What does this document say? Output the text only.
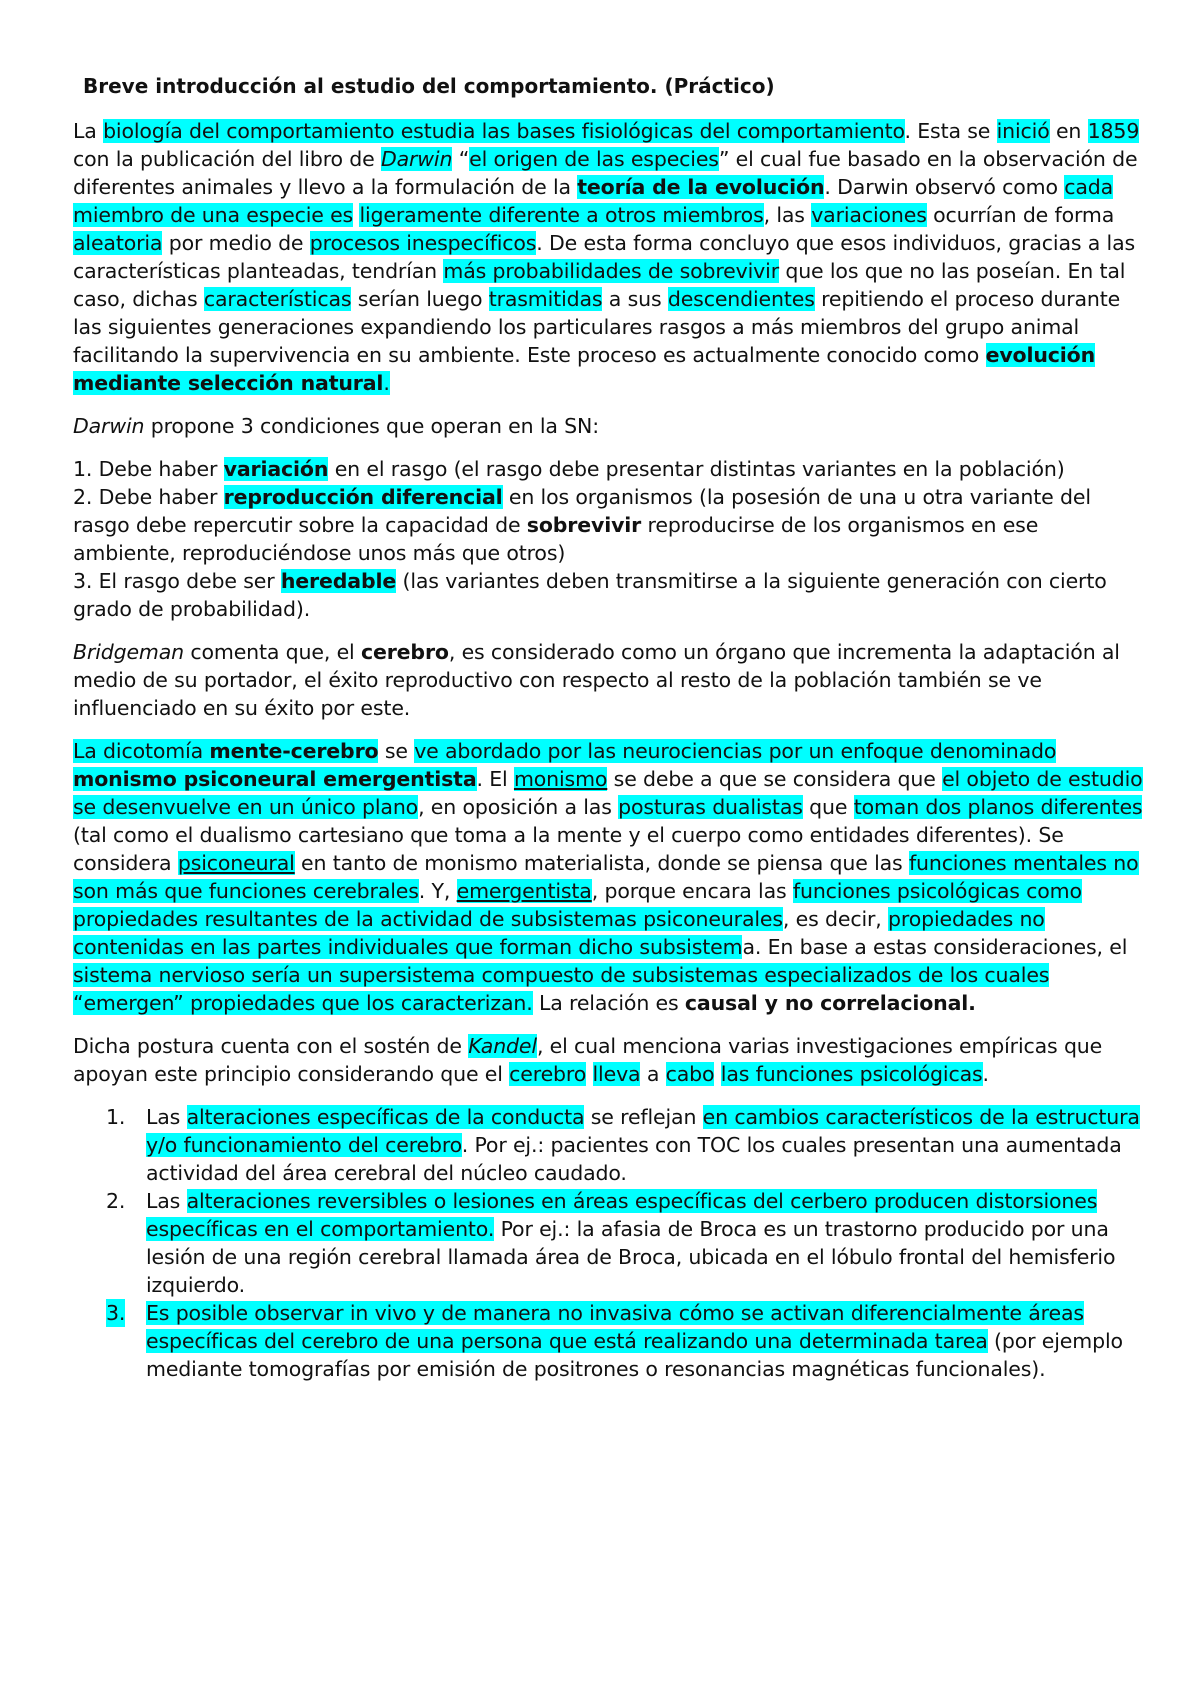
Breve introducción al estudio del comportamiento. (Práctico)

La biología del comportamiento estudia las bases fisiológicas del comportamiento. Esta se inició en 1859 con la publicación del libro de Darwin “el origen de las especies” el cual fue basado en la observación de diferentes animales y llevo a la formulación de la teoría de la evolución. Darwin observó como cada miembro de una especie es ligeramente diferente a otros miembros, las variaciones ocurrían de forma aleatoria por medio de procesos inespecíficos. De esta forma concluyo que esos individuos, gracias a las características planteadas, tendrían más probabilidades de sobrevivir que los que no las poseían. En tal caso, dichas características serían luego trasmitidas a sus descendientes repitiendo el proceso durante las siguientes generaciones expandiendo los particulares rasgos a más miembros del grupo animal facilitando la supervivencia en su ambiente. Este proceso es actualmente conocido como evolución mediante selección natural.

Darwin propone 3 condiciones que operan en la SN:

1. Debe haber variación en el rasgo (el rasgo debe presentar distintas variantes en la población)
2. Debe haber reproducción diferencial en los organismos (la posesión de una u otra variante del rasgo debe repercutir sobre la capacidad de sobrevivir reproducirse de los organismos en ese ambiente, reproduciéndose unos más que otros)
3. El rasgo debe ser heredable (las variantes deben transmitirse a la siguiente generación con cierto grado de probabilidad).

Bridgeman comenta que, el cerebro, es considerado como un órgano que incrementa la adaptación al medio de su portador, el éxito reproductivo con respecto al resto de la población también se ve influenciado en su éxito por este.

La dicotomía mente-cerebro se ve abordado por las neurociencias por un enfoque denominado monismo psiconeural emergentista. El monismo se debe a que se considera que el objeto de estudio se desenvuelve en un único plano, en oposición a las posturas dualistas que toman dos planos diferentes (tal como el dualismo cartesiano que toma a la mente y el cuerpo como entidades diferentes). Se considera psiconeural en tanto de monismo materialista, donde se piensa que las funciones mentales no son más que funciones cerebrales. Y, emergentista, porque encara las funciones psicológicas como propiedades resultantes de la actividad de subsistemas psiconeurales, es decir, propiedades no contenidas en las partes individuales que forman dicho subsistema. En base a estas consideraciones, el sistema nervioso sería un supersistema compuesto de subsistemas especializados de los cuales “emergen” propiedades que los caracterizan. La relación es causal y no correlacional.

Dicha postura cuenta con el sostén de Kandel, el cual menciona varias investigaciones empíricas que apoyan este principio considerando que el cerebro lleva a cabo las funciones psicológicas.

1. Las alteraciones específicas de la conducta se reflejan en cambios característicos de la estructura y/o funcionamiento del cerebro. Por ej.: pacientes con TOC los cuales presentan una aumentada actividad del área cerebral del núcleo caudado.
2. Las alteraciones reversibles o lesiones en áreas específicas del cerbero producen distorsiones específicas en el comportamiento. Por ej.: la afasia de Broca es un trastorno producido por una lesión de una región cerebral llamada área de Broca, ubicada en el lóbulo frontal del hemisferio izquierdo.
3. Es posible observar in vivo y de manera no invasiva cómo se activan diferencialmente áreas específicas del cerebro de una persona que está realizando una determinada tarea (por ejemplo mediante tomografías por emisión de positrones o resonancias magnéticas funcionales).
